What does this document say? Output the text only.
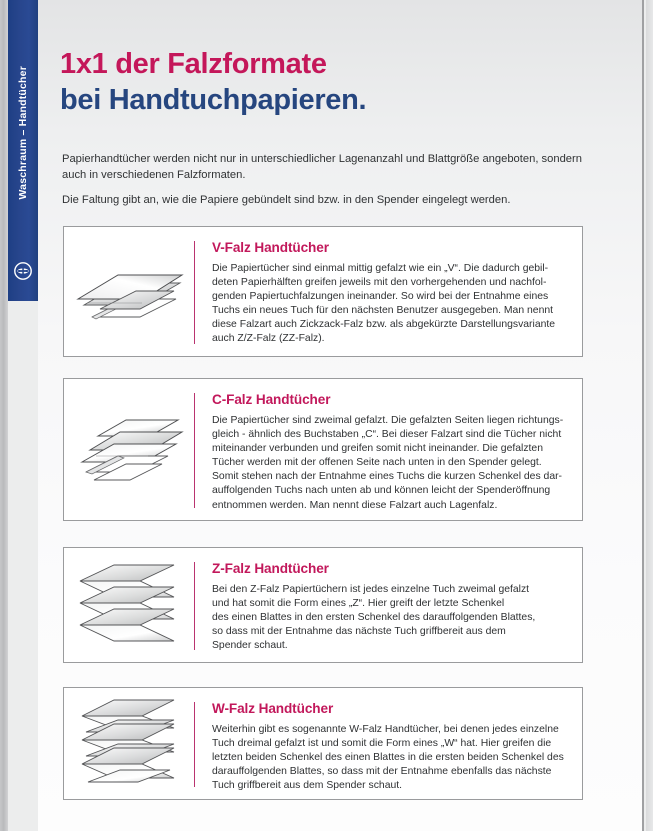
Waschraum – Handtücher
1x1 der Falzformate
bei Handtuchpapieren.

Papierhandtücher werden nicht nur in unterschiedlicher Lagenanzahl und Blattgröße angeboten, sondern auch in verschiedenen Falzformaten.

Die Faltung gibt an, wie die Papiere gebündelt sind bzw. in den Spender eingelegt werden.

V-Falz Handtücher
Die Papiertücher sind einmal mittig gefalzt wie ein „V“. Die dadurch gebil-
deten Papierhälften greifen jeweils mit den vorhergehenden und nachfol-
genden Papiertuchfalzungen ineinander. So wird bei der Entnahme eines
Tuchs ein neues Tuch für den nächsten Benutzer ausgegeben. Man nennt
diese Falzart auch Zickzack-Falz bzw. als abgekürzte Darstellungsvariante
auch Z/Z-Falz (ZZ-Falz).
C-Falz Handtücher
Die Papiertücher sind zweimal gefalzt. Die gefalzten Seiten liegen richtungs-
gleich - ähnlich des Buchstaben „C“. Bei dieser Falzart sind die Tücher nicht
miteinander verbunden und greifen somit nicht ineinander. Die gefalzten
Tücher werden mit der offenen Seite nach unten in den Spender gelegt.
Somit stehen nach der Entnahme eines Tuchs die kurzen Schenkel des dar-
auffolgenden Tuchs nach unten ab und können leicht der Spenderöffnung
entnommen werden. Man nennt diese Falzart auch Lagenfalz.
Z-Falz Handtücher
Bei den Z-Falz Papiertüchern ist jedes einzelne Tuch zweimal gefalzt
und hat somit die Form eines „Z“. Hier greift der letzte Schenkel
des einen Blattes in den ersten Schenkel des darauffolgenden Blattes,
so dass mit der Entnahme das nächste Tuch griffbereit aus dem
Spender schaut.
W-Falz Handtücher
Weiterhin gibt es sogenannte W-Falz Handtücher, bei denen jedes einzelne
Tuch dreimal gefalzt ist und somit die Form eines „W“ hat. Hier greifen die
letzten beiden Schenkel des einen Blattes in die ersten beiden Schenkel des
darauffolgenden Blattes, so dass mit der Entnahme ebenfalls das nächste
Tuch griffbereit aus dem Spender schaut.
